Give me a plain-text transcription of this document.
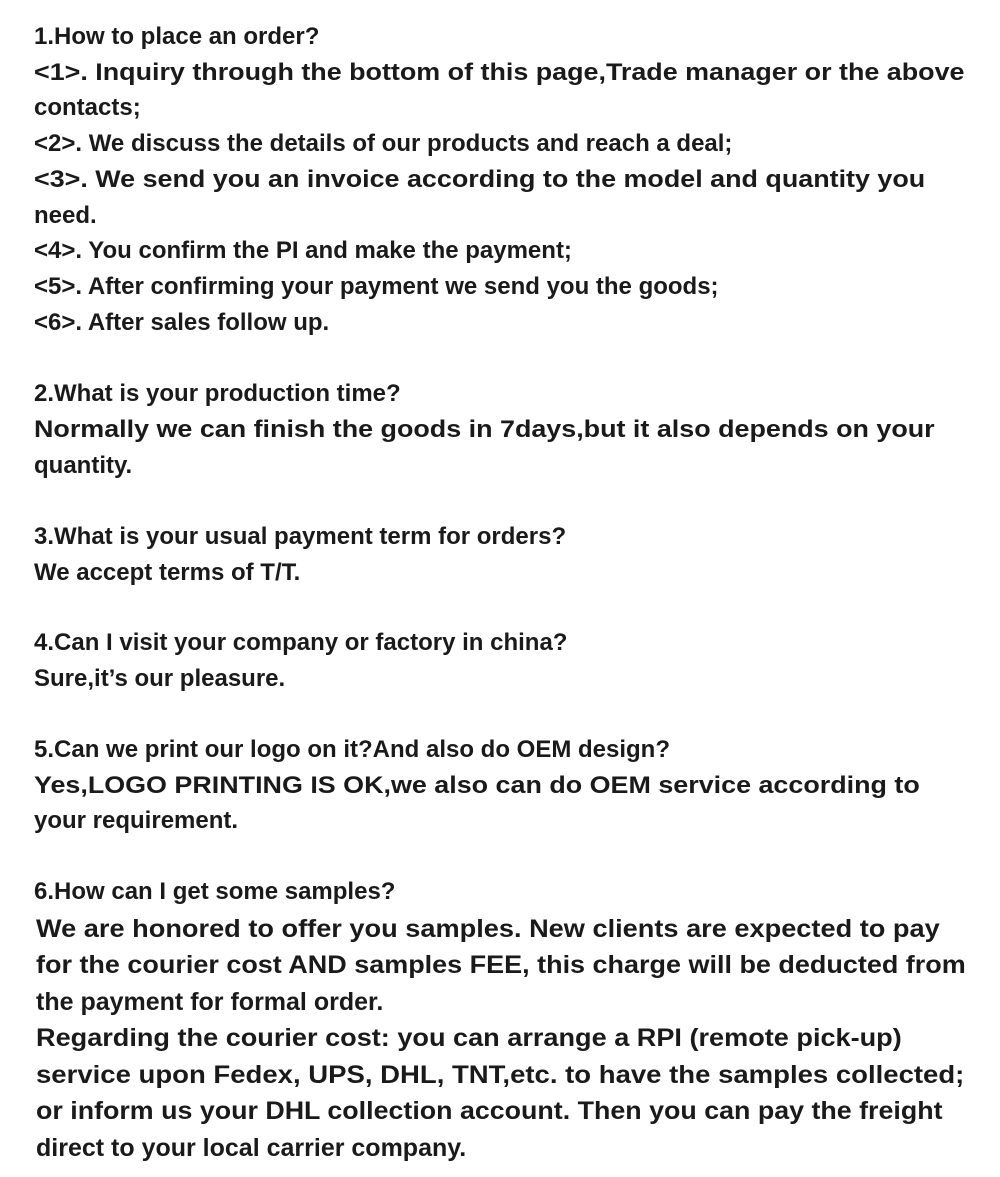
1.How to place an order?
<1>. Inquiry through the bottom of this page,Trade manager or the above
contacts;
<2>. We discuss the details of our products and reach a deal;
<3>. We send you an invoice according to the model and quantity you
need.
<4>. You confirm the PI and make the payment;
<5>. After confirming your payment we send you the goods;
<6>. After sales follow up.
2.What is your production time?
Normally we can finish the goods in 7days,but it also depends on your
quantity.
3.What is your usual payment term for orders?
We accept terms of T/T.
4.Can I visit your company or factory in china?
Sure,it’s our pleasure.
5.Can we print our logo on it?And also do OEM design?
Yes,LOGO PRINTING IS OK,we also can do OEM service according to
your requirement.
6.How can I get some samples?
We are honored to offer you samples. New clients are expected to pay
for the courier cost AND samples FEE, this charge will be deducted from
the payment for formal order.
Regarding the courier cost: you can arrange a RPI (remote pick-up)
service upon Fedex, UPS, DHL, TNT,etc. to have the samples collected;
or inform us your DHL collection account. Then you can pay the freight
direct to your local carrier company.
